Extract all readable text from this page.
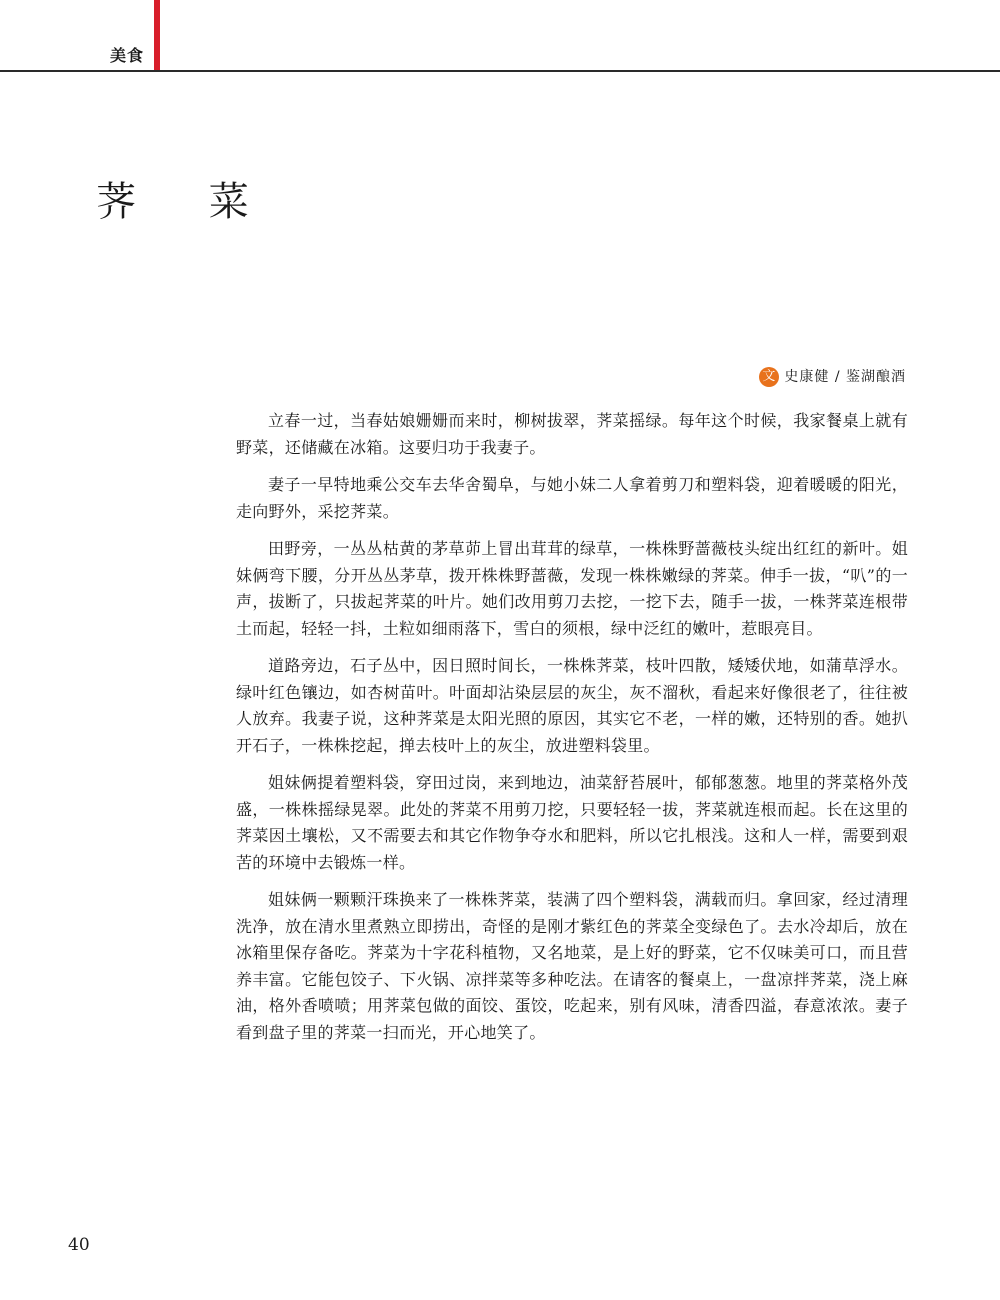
美食
荠 菜
文 史康健 / 鉴湖酿酒

立春一过，当春姑娘姗姗而来时，柳树拔翠，荠菜摇绿。每年这个时候，我家餐桌上就有野菜，还储藏在冰箱。这要归功于我妻子。

妻子一早特地乘公交车去华舍蜀阜，与她小妹二人拿着剪刀和塑料袋，迎着暖暖的阳光，走向野外，采挖荠菜。

田野旁，一丛丛枯黄的茅草茆上冒出茸茸的绿草，一株株野蔷薇枝头绽出红红的新叶。姐妹俩弯下腰，分开丛丛茅草，拨开株株野蔷薇，发现一株株嫩绿的荠菜。伸手一拔，“叭”的一声，拔断了，只拔起荠菜的叶片。她们改用剪刀去挖，一挖下去，随手一拔，一株荠菜连根带土而起，轻轻一抖，土粒如细雨落下，雪白的须根，绿中泛红的嫩叶，惹眼亮目。

道路旁边，石子丛中，因日照时间长，一株株荠菜，枝叶四散，矮矮伏地，如蒲草浮水。绿叶红色镶边，如杏树苗叶。叶面却沾染层层的灰尘，灰不溜秋，看起来好像很老了，往往被人放弃。我妻子说，这种荠菜是太阳光照的原因，其实它不老，一样的嫩，还特别的香。她扒开石子，一株株挖起，掸去枝叶上的灰尘，放进塑料袋里。

姐妹俩提着塑料袋，穿田过岗，来到地边，油菜舒苔展叶，郁郁葱葱。地里的荠菜格外茂盛，一株株摇绿晃翠。此处的荠菜不用剪刀挖，只要轻轻一拔，荠菜就连根而起。长在这里的荠菜因土壤松，又不需要去和其它作物争夺水和肥料，所以它扎根浅。这和人一样，需要到艰苦的环境中去锻炼一样。

姐妹俩一颗颗汗珠换来了一株株荠菜，装满了四个塑料袋，满载而归。拿回家，经过清理洗净，放在清水里煮熟立即捞出，奇怪的是刚才紫红色的荠菜全变绿色了。去水冷却后，放在冰箱里保存备吃。荠菜为十字花科植物，又名地菜，是上好的野菜，它不仅味美可口，而且营养丰富。它能包饺子、下火锅、凉拌菜等多种吃法。在请客的餐桌上，一盘凉拌荠菜，浇上麻油，格外香喷喷；用荠菜包做的面饺、蛋饺，吃起来，别有风味，清香四溢，春意浓浓。妻子看到盘子里的荠菜一扫而光，开心地笑了。

40
